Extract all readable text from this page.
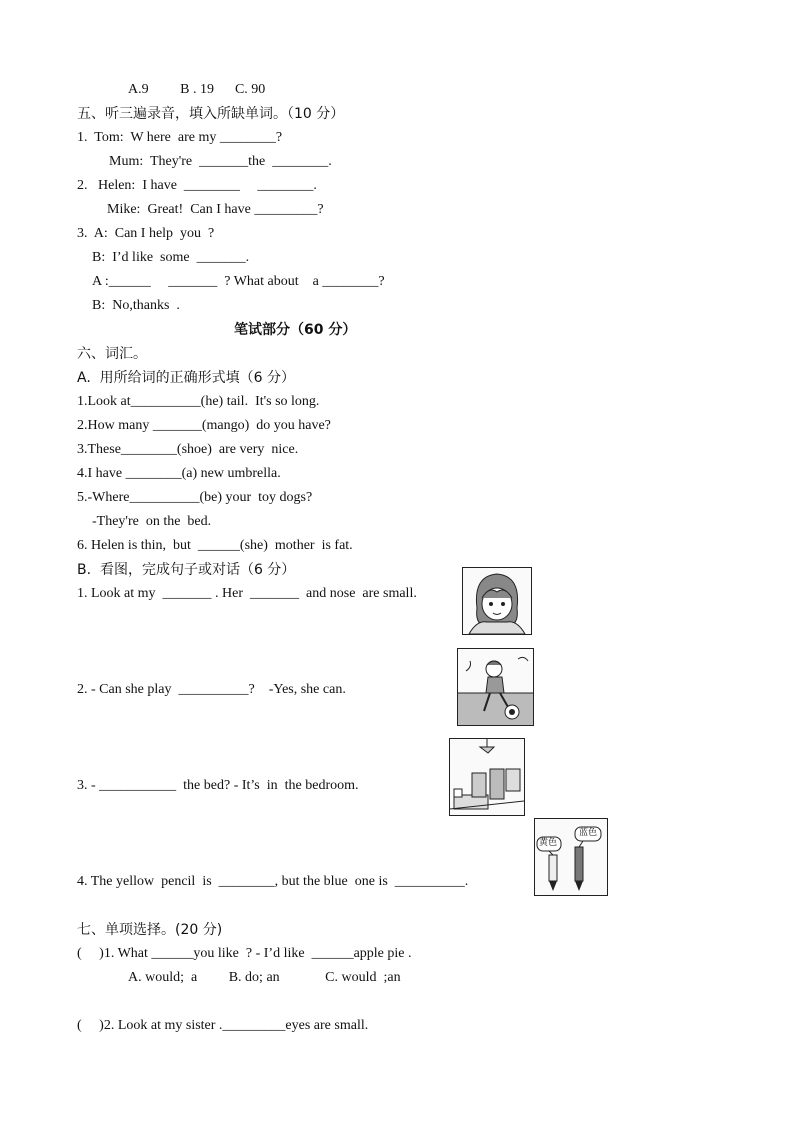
A.9         B . 19      C. 90
五、听三遍录音，填入所缺单词。（10 分）
1.  Tom:  W here  are my ________?
Mum:  They're  _______the  ________.
2.   Helen:  I have  ________     ________.
Mike:  Great!  Can I have _________?
3.  A:  Can I help  you  ?
B:  I’d like  some  _______.
A :______     _______  ? What about    a ________?
B:  No,thanks  .
笔试部分（60 分）
六、词汇。
A.  用所给词的正确形式填（6 分）
1.Look at__________(he) tail.  It's so long.
2.How many _______(mango)  do you have?
3.These________(shoe)  are very  nice.
4.I have ________(a) new umbrella.
5.-Where__________(be) your  toy dogs?
-They're  on the  bed.
6. Helen is thin,  but  ______(she)  mother  is fat.
B.  看图，完成句子或对话（6 分）
1. Look at my  _______ . Her  _______  and nose  are small.
2. - Can she play  __________?    -Yes, she can.
3. - ___________  the bed? - It’s  in  the bedroom.
4. The yellow  pencil  is  ________, but the blue  one is  __________.
黄色
蓝色
七、单项选择。(20 分)
(     )1. What ______you like  ? - I’d like  ______apple pie .
A. would;  a         B. do; an             C. would  ;an
(     )2. Look at my sister ._________eyes are small.
